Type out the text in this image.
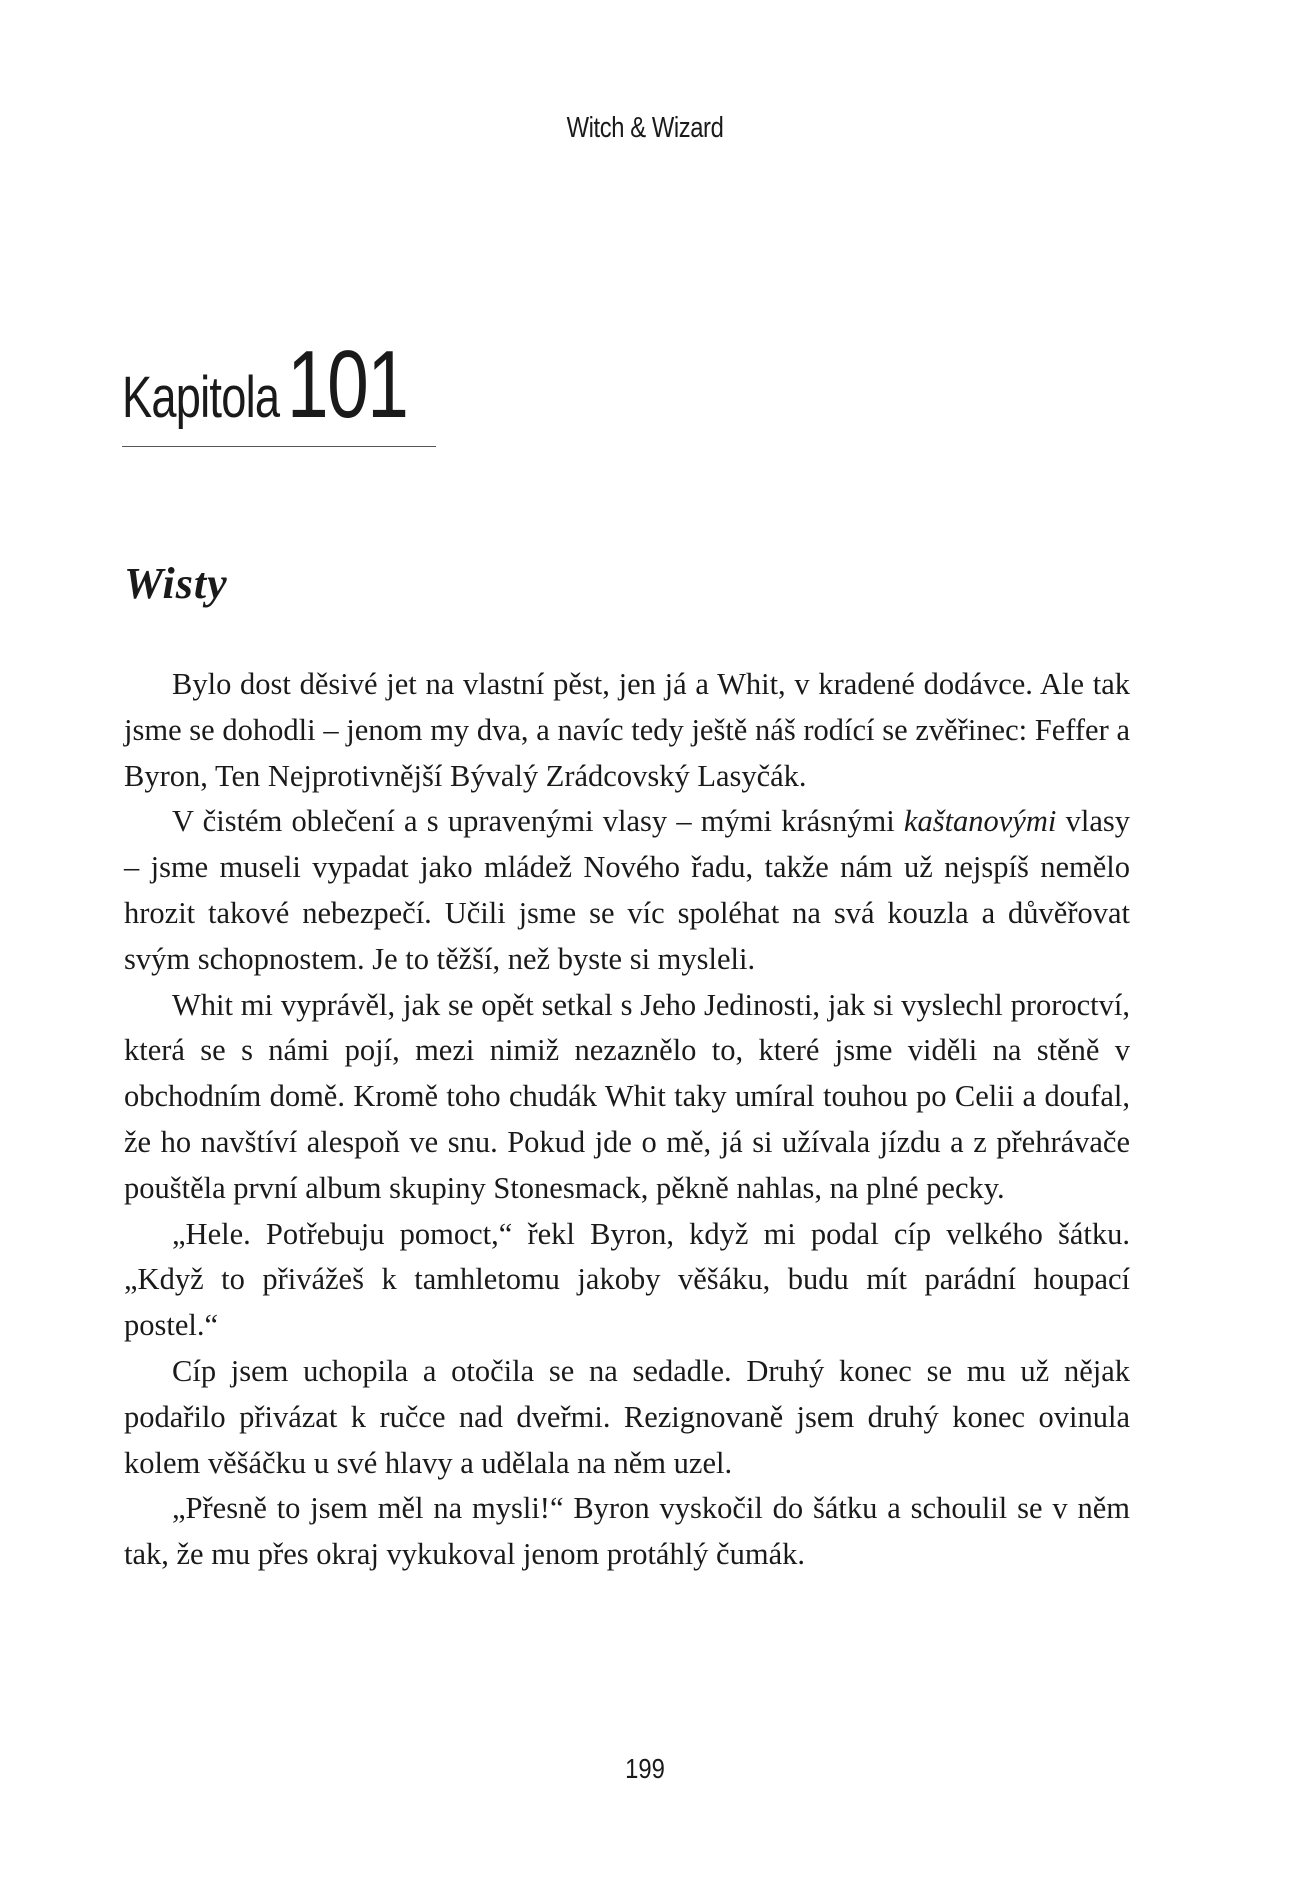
Witch & Wizard
Kapitola101
Wisty

Bylo dost děsivé jet na vlastní pěst, jen já a Whit, v kradené dodávce. Ale tak jsme se dohodli – jenom my dva, a navíc tedy ještě náš rodící se zvěřinec: Feffer a Byron, Ten Nejprotivnější Bývalý Zrádcovský Lasyčák.

V čistém oblečení a s upravenými vlasy – mými krásnými kaštanovými vlasy – jsme museli vypadat jako mládež Nového řadu, takže nám už nejspíš nemělo hrozit takové nebezpečí. Učili jsme se víc spoléhat na svá kouzla a důvěřovat svým schopnostem. Je to těžší, než byste si mysleli.

Whit mi vyprávěl, jak se opět setkal s Jeho Jedinosti, jak si vyslechl proroctví, která se s námi pojí, mezi nimiž nezaznělo to, které jsme viděli na stěně v obchodním domě. Kromě toho chudák Whit taky umíral touhou po Celii a doufal, že ho navštíví alespoň ve snu. Pokud jde o mě, já si užívala jízdu a z přehrávače pouštěla první album skupiny Stonesmack, pěkně nahlas, na plné pecky.

„Hele. Potřebuju pomoct,“ řekl Byron, když mi podal cíp velkého šátku. „Když to přivážeš k tamhletomu jakoby věšáku, budu mít parádní houpací postel.“

Cíp jsem uchopila a otočila se na sedadle. Druhý konec se mu už nějak podařilo přivázat k ručce nad dveřmi. Rezignovaně jsem druhý konec ovinula kolem věšáčku u své hlavy a udělala na něm uzel.

„Přesně to jsem měl na mysli!“ Byron vyskočil do šátku a schoulil se v něm tak, že mu přes okraj vykukoval jenom protáhlý čumák.

199
